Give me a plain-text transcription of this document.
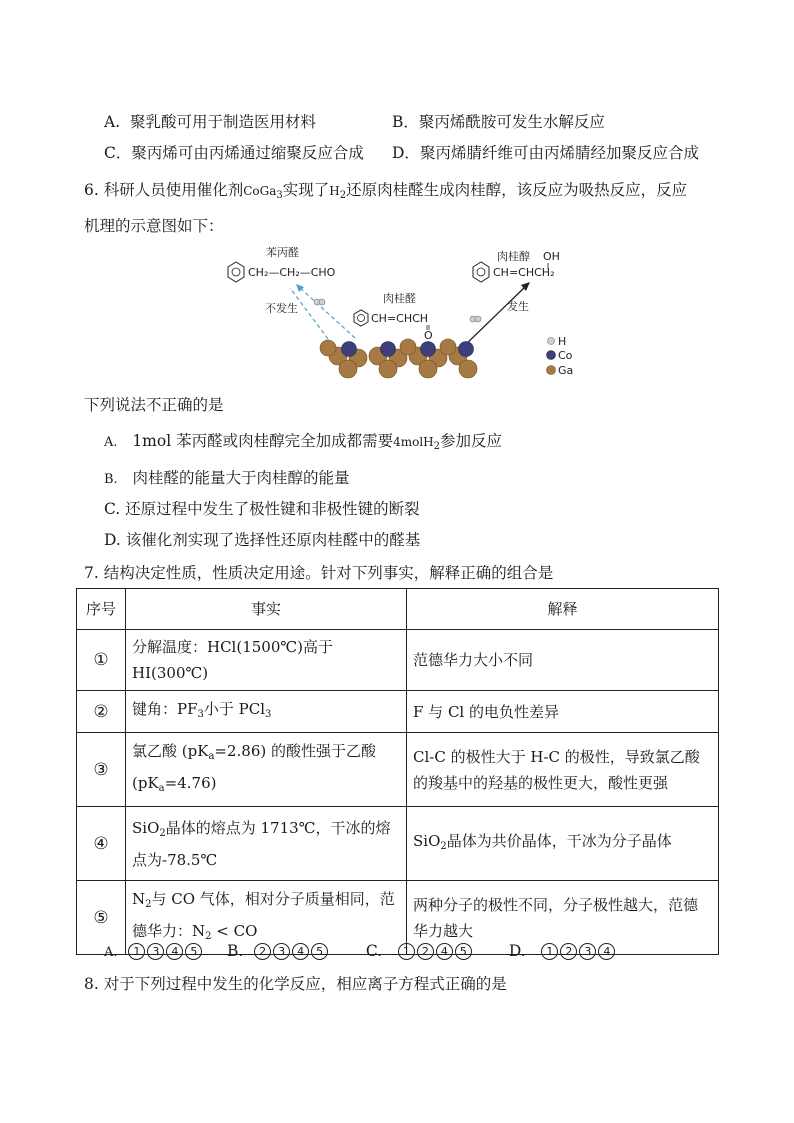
A. 聚乳酸可用于制造医用材料	B．聚丙烯酰胺可发生水解反应
C．聚丙烯可由丙烯通过缩聚反应合成 D．聚丙烯腈纤维可由丙烯腈经加聚反应合成
6. 科研人员使用催化剂CoGa$_3$实现了$H_2$还原肉桂醛生成肉桂醇，该反应为吸热反应，反应
机理的示意图如下：
苯丙醛
CH₂—CH₂—CHO
不发生
肉桂醛
CH=CHCH
O
肉桂醇 OH
CH=CHCH₂
发生
H
Co
Ga
下列说法不正确的是
A. 1mol 苯丙醛或肉桂醇完全加成都需要4molH$_2$参加反应
B. 肉桂醛的能量大于肉桂醇的能量
C. 还原过程中发生了极性键和非极性键的断裂
D. 该催化剂实现了选择性还原肉桂醛中的醛基
7. 结构决定性质，性质决定用途。针对下列事实，解释正确的组合是
序号	事实	解释
①	分解温度：HCl(1500℃)高于 HI(300℃)	范德华力大小不同
②	键角：$PF_3$小于 PCl$_3$	F 与 Cl 的电负性差异
③	氯乙酸 $(pK_a=2.86)$ 的酸性强于乙酸 $(pK_a=4.76)$	Cl-C 的极性大于 H-C 的极性，导致氯乙酸的羧基中的羟基的极性更大，酸性更强
④	SiO$_2$晶体的熔点为 1713℃，干冰的熔点为-78.5℃	SiO$_2$晶体为共价晶体，干冰为分子晶体
⑤	$N_2$与 CO 气体，相对分子质量相同，范德华力：$N_2$ < CO	两种分子的极性不同，分子极性越大，范德华力越大
A. 1 3 4 5 B. 2 3 4 5	C. 1 2 4 5	D. 1 2 3 4
8. 对于下列过程中发生的化学反应，相应离子方程式正确的是
